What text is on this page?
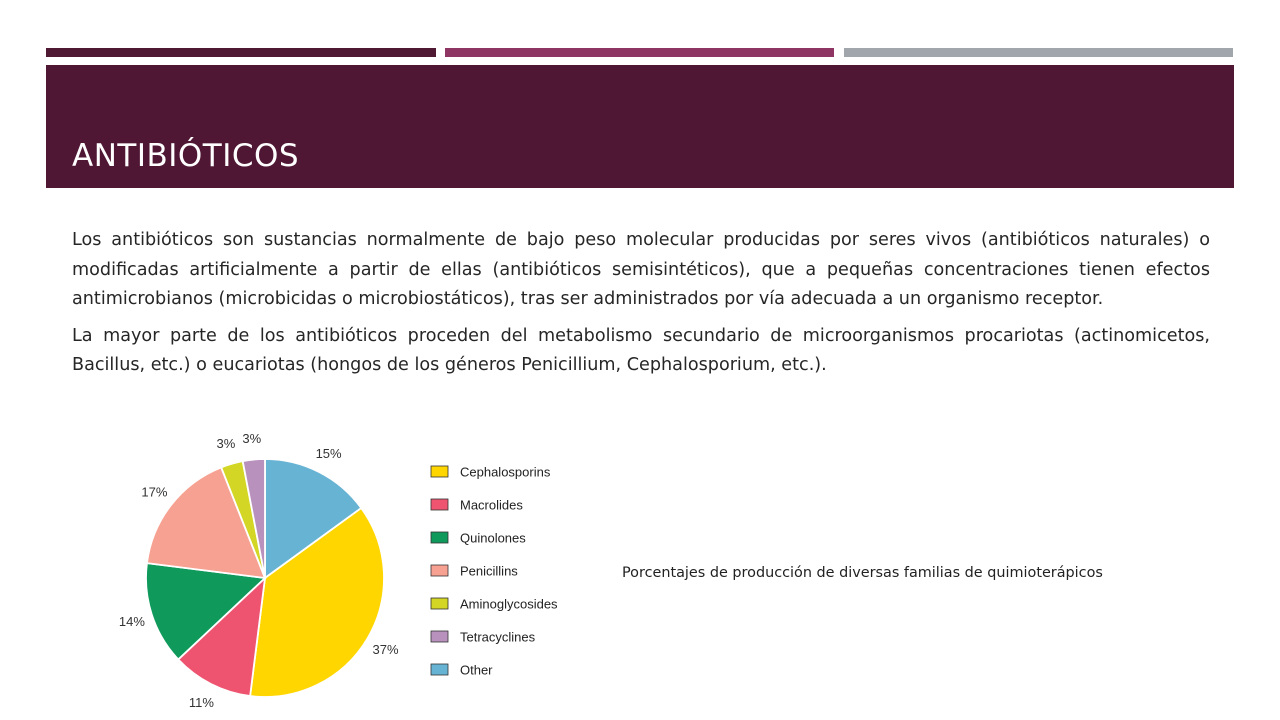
ANTIBIÓTICOS

Los antibióticos son sustancias normalmente de bajo peso molecular producidas por seres vivos (antibióticos naturales) o modificadas artificialmente a partir de ellas (antibióticos semisintéticos), que a pequeñas concentraciones tienen efectos antimicrobianos (microbicidas o microbiostáticos), tras ser administrados por vía adecuada a un organismo receptor.

La mayor parte de los antibióticos proceden del metabolismo secundario de microorganismos procariotas (actinomicetos, Bacillus, etc.) o eucariotas (hongos de los géneros Penicillium, Cephalosporium, etc.).

15%
37%
11%
14%
17%
3% 3%
Cephalosporins
Macrolides
Quinolones
Penicillins
Aminoglycosides
Tetracyclines
Other
Porcentajes de producción de diversas familias de quimioterápicos
